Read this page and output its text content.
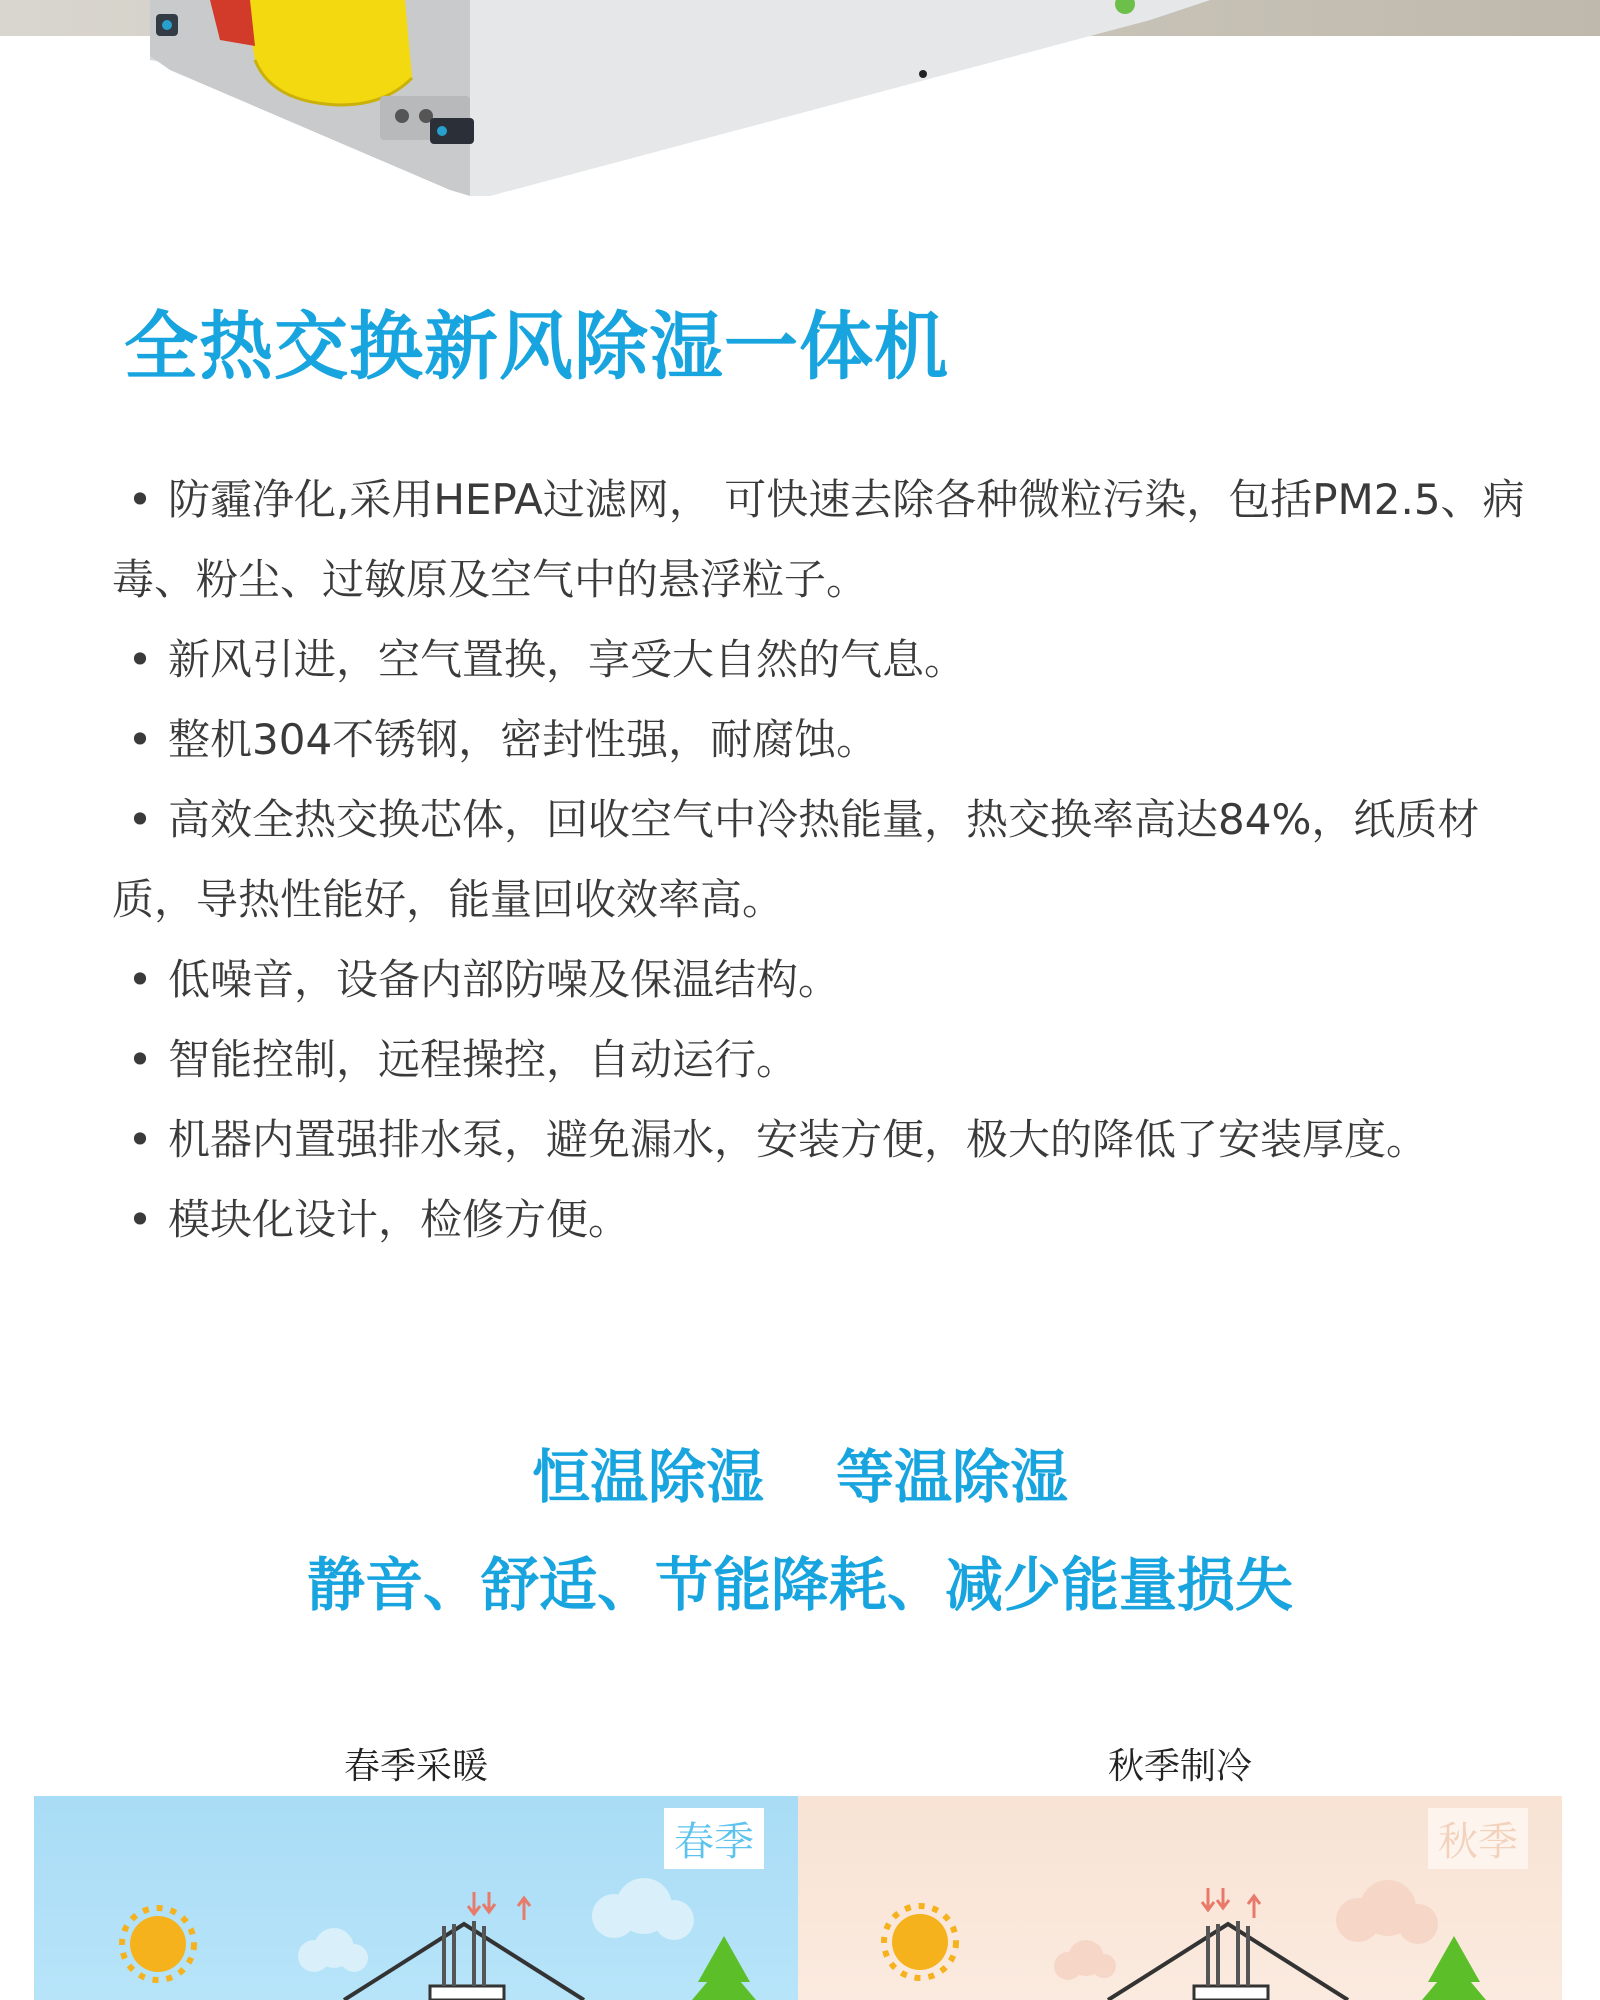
全热交换新风除湿一体机

• 防霾净化,采用HEPA过滤网， 可快速去除各种微粒污染，包括PM2.5、病毒、粉尘、过敏原及空气中的悬浮粒子。

• 新风引进，空气置换，享受大自然的气息。

• 整机304不锈钢，密封性强，耐腐蚀。

• 高效全热交换芯体，回收空气中冷热能量，热交换率高达84%，纸质材质，导热性能好，能量回收效率高。

• 低噪音，设备内部防噪及保温结构。

• 智能控制，远程操控，自动运行。

• 机器内置强排水泵，避免漏水，安装方便，极大的降低了安装厚度。

• 模块化设计，检修方便。

恒温除湿 等温除湿
静音、舒适、节能降耗、减少能量损失
春季采暖	秋季制冷
春季	秋季
